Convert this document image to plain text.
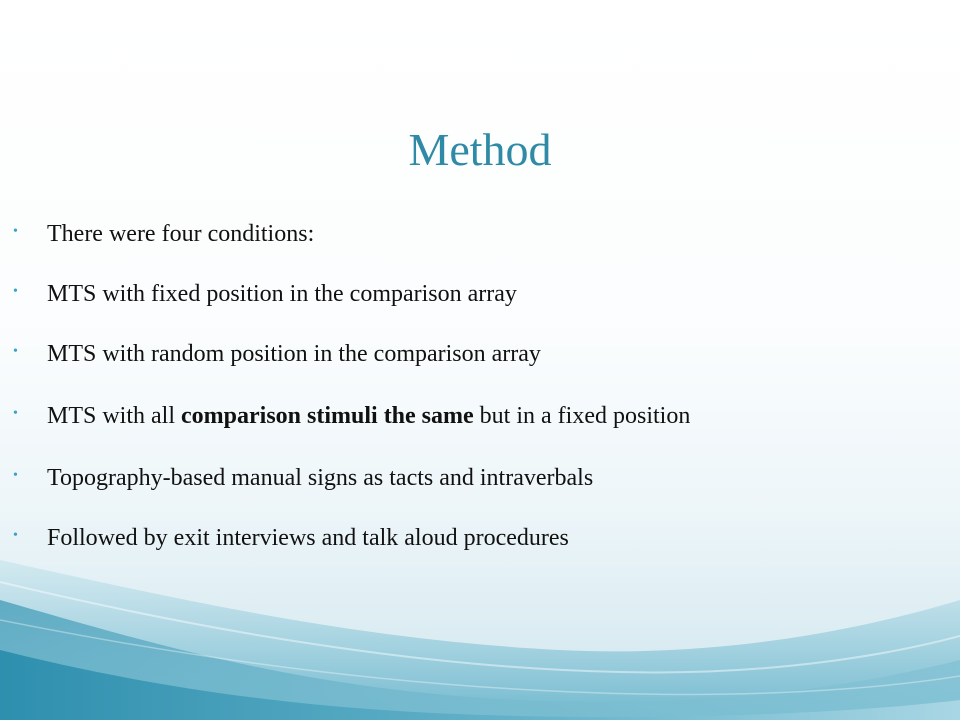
Method
•	There were four conditions:
•	MTS with fixed position in the comparison array
•	MTS with random position in the comparison array
•	MTS with all comparison stimuli the same but in a fixed position
•	Topography-based manual signs as tacts and intraverbals
•	Followed by exit interviews and talk aloud procedures
